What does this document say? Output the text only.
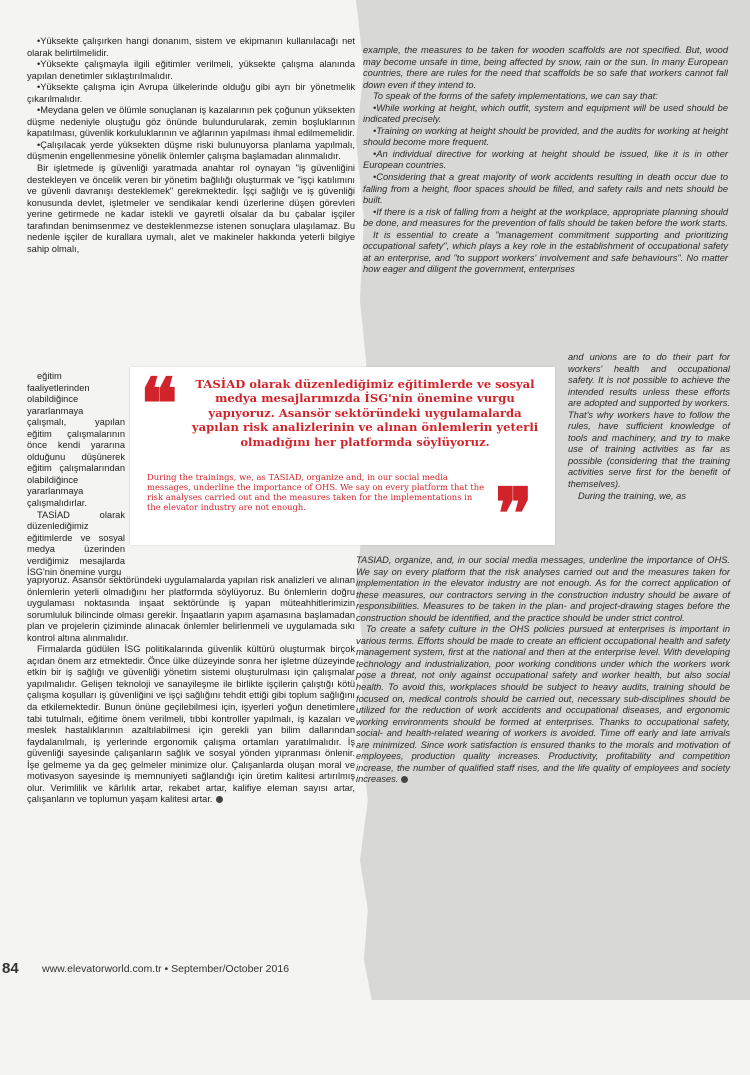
•Yüksekte çalışırken hangi donanım, sistem ve ekipmanın kullanılacağı net olarak belirtilmelidir.

•Yüksekte çalışmayla ilgili eğitimler verilmeli, yüksekte çalışma alanında yapılan denetimler sıklaştırılmalıdır.

•Yüksekte çalışma için Avrupa ülkelerinde olduğu gibi ayrı bir yönetmelik çıkarılmalıdır.

•Meydana gelen ve ölümle sonuçlanan iş kazalarının pek çoğunun yüksekten düşme nedeniyle oluştuğu göz önünde bulundurularak, zemin boşluklarının kapatılması, güvenlik korkuluklarının ve ağlarının yapılması ihmal edilmemelidir.

•Çalışılacak yerde yüksekten düşme riski bulunuyorsa planlama yapılmalı, düşmenin engellenmesine yönelik önlemler çalışma başlamadan alınmalıdır.

Bir işletmede iş güvenliği yaratmada anahtar rol oynayan "iş güvenliğini destekleyen ve öncelik veren bir yönetim bağlılığı oluşturmak ve "işçi katılımını ve güvenli davranışı desteklemek" gerekmektedir. İşçi sağlığı ve iş güvenliği konusunda devlet, işletmeler ve sendikalar kendi üzerlerine düşen görevleri yerine getirmede ne kadar istekli ve gayretli olsalar da bu çabalar işçiler tarafından benimsenmez ve desteklenmezse istenen sonuçlara ulaşılamaz. Bu nedenle işçiler de kurallara uymalı, alet ve makineler hakkında yeterli bilgiye sahip olmalı,

eğitim faaliyetlerinden olabildiğince yararlanmaya çalışmalı, yapılan eğitim çalışmalarının önce kendi yararına olduğunu düşünerek eğitim çalışmalarından olabildiğince yararlanmaya çalışmalıdırlar.

TASİAD olarak düzenlediğimiz eğitimlerde ve sosyal medya üzerinden verdiğimiz mesajlarda İSG'nin önemine vurgu

yapıyoruz. Asansör sektöründeki uygulamalarda yapılan risk analizleri ve alınan önlemlerin yeterli olmadığını her platformda söylüyoruz. Bu önlemlerin doğru uygulaması noktasında inşaat sektöründe iş yapan müteahhitlerimizin sorumluluk bilincinde olması gerekir. İnşaatların yapım aşamasına başlamadan plan ve projelerin çiziminde alınacak önlemler belirlenmeli ve uygulamada sıkı kontrol altına alınmalıdır.

Firmalarda güdülen İSG politikalarında güvenlik kültürü oluşturmak birçok açıdan önem arz etmektedir. Önce ülke düzeyinde sonra her işletme düzeyinde etkin bir iş sağlığı ve güvenliği yönetim sistemi oluşturulması için çalışmalar yapılmalıdır. Gelişen teknoloji ve sanayileşme ile birlikte işçilerin çalıştığı kötü çalışma koşulları iş güvenliğini ve işçi sağlığını tehdit ettiği gibi toplum sağlığını da etkilemektedir. Bunun önüne geçilebilmesi için, işyerleri yoğun denetimlere tabi tutulmalı, eğitime önem verilmeli, tıbbi kontroller yapılmalı, iş kazaları ve meslek hastalıklarının azaltılabilmesi için gerekli yan bilim dallarından faydalanılmalı, iş yerlerinde ergonomik çalışma ortamları yaratılmalıdır. İş güvenliği sayesinde çalışanların sağlık ve sosyal yönden yıpranması önlenir. İşe gelmeme ya da geç gelmeler minimize olur. Çalışanlarda oluşan moral ve motivasyon sayesinde iş memnuniyeti sağlandığı için üretim kalitesi artırılmış olur. Verimlilik ve kârlılık artar, rekabet artar, kalifiye eleman sayısı artar, çalışanların ve toplumun yaşam kalitesi artar.

example, the measures to be taken for wooden scaffolds are not specified. But, wood may become unsafe in time, being affected by snow, rain or the sun. In many European countries, there are rules for the need that scaffolds be so safe that workers cannot fall down even if they intend to.

To speak of the forms of the safety implementations, we can say that:

•While working at height, which outfit, system and equipment will be used should be indicated precisely.

•Training on working at height should be provided, and the audits for working at height should become more frequent.

•An individual directive for working at height should be issued, like it is in other European countries.

•Considering that a great majority of work accidents resulting in death occur due to falling from a height, floor spaces should be filled, and safety rails and nets should be built.

•If there is a risk of falling from a height at the workplace, appropriate planning should be done, and measures for the prevention of falls should be taken before the work starts.

It is essential to create a "management commitment supporting and prioritizing occupational safety", which plays a key role in the establishment of occupational safety at an enterprise, and "to support workers' involvement and safe behaviours". No matter how eager and diligent the government, enterprises

and unions are to do their part for workers' health and occupational safety. It is not possible to achieve the intended results unless these efforts are adopted and supported by workers. That's why workers have to follow the rules, have sufficient knowledge of tools and machinery, and try to make use of training activities as far as possible (considering that the training activities serve first for the benefit of themselves).

During the training, we, as

TASIAD, organize, and, in our social media messages, underline the importance of OHS. We say on every platform that the risk analyses carried out and the measures taken for implementation in the elevator industry are not enough. As for the correct application of these measures, our contractors serving in the construction industry should be aware of responsibilities. Measures to be taken in the plan- and project-drawing stages before the construction should be identified, and the practice should be under strict control.

To create a safety culture in the OHS policies pursued at enterprises is important in various terms. Efforts should be made to create an efficient occupational health and safety management system, first at the national and then at the enterprise level. With developing technology and industrialization, poor working conditions under which the workers work pose a threat, not only against occupational safety and worker health, but also social health. To avoid this, workplaces should be subject to heavy audits, training should be focused on, medical controls should be carried out, necessary sub-disciplines should be utilized for the reduction of work accidents and occupational diseases, and ergonomic working environments should be formed at enterprises. Thanks to occupational safety, social- and health-related wearing of workers is avoided. Time off early and late arrivals are minimized. Since work satisfaction is ensured thanks to the morals and motivation of employees, production quality increases. Productivity, profitability and competition increase, the number of qualified staff rises, and the life quality of employees and society increases.

❝	TASİAD olarak düzenlediğimiz eğitimlerde ve sosyal medya mesajlarımızda İSG'nin önemine vurgu yapıyoruz. Asansör sektöründeki uygulamalarda yapılan risk analizlerinin ve alınan önlemlerin yeterli olmadığını her platformda söylüyoruz.

During the trainings, we, as TASIAD, organize and, in our social media messages, underline the importance of OHS. We say on every platform that the risk analyses carried out and the measures taken for the implementations in the elevator industry are not enough.	❞
84 www.elevatorworld.com.tr • September/October 2016
